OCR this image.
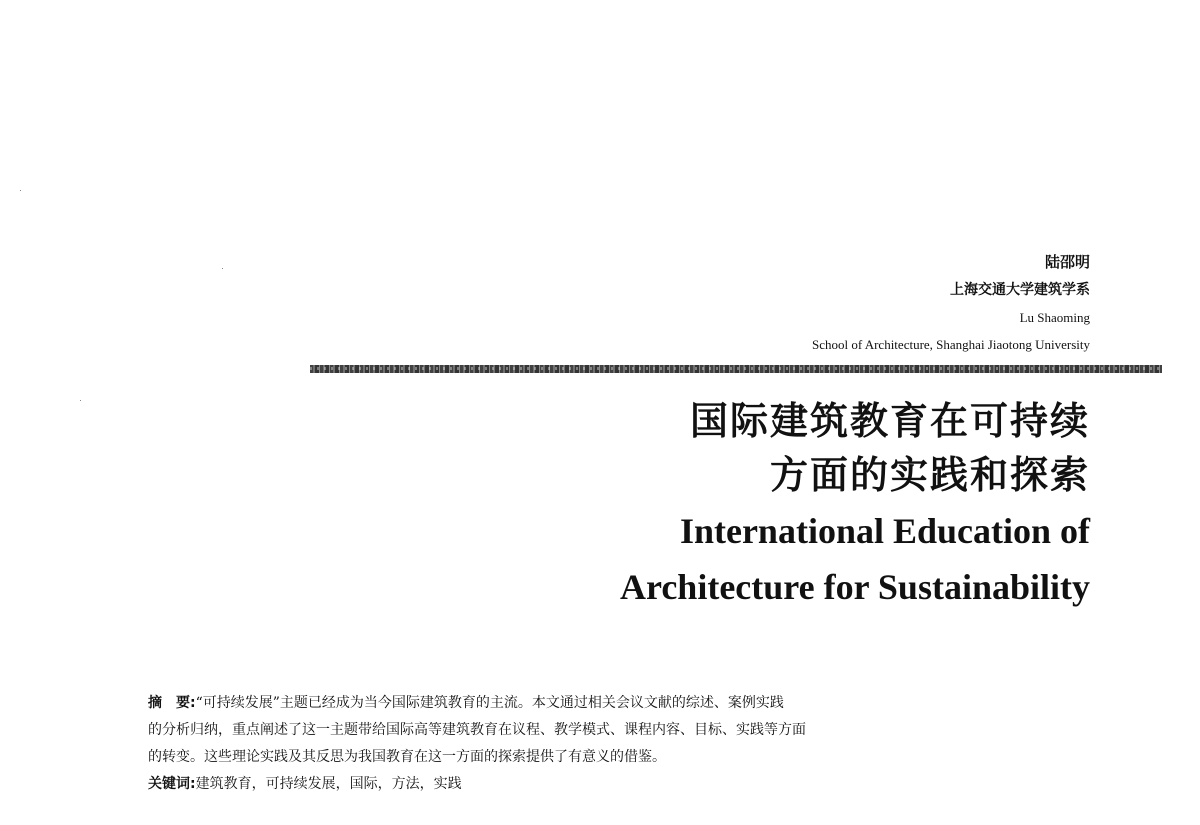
陆邵明
上海交通大学建筑学系
Lu Shaoming
School of Architecture, Shanghai Jiaotong University
国际建筑教育在可持续
方面的实践和探索
International Education of
Architecture for Sustainability
摘　要:“可持续发展”主题已经成为当今国际建筑教育的主流。本文通过相关会议文献的综述、案例实践
的分析归纳，重点阐述了这一主题带给国际高等建筑教育在议程、教学模式、课程内容、目标、实践等方面
的转变。这些理论实践及其反思为我国教育在这一方面的探索提供了有意义的借鉴。
关键词:建筑教育，可持续发展，国际，方法，实践
